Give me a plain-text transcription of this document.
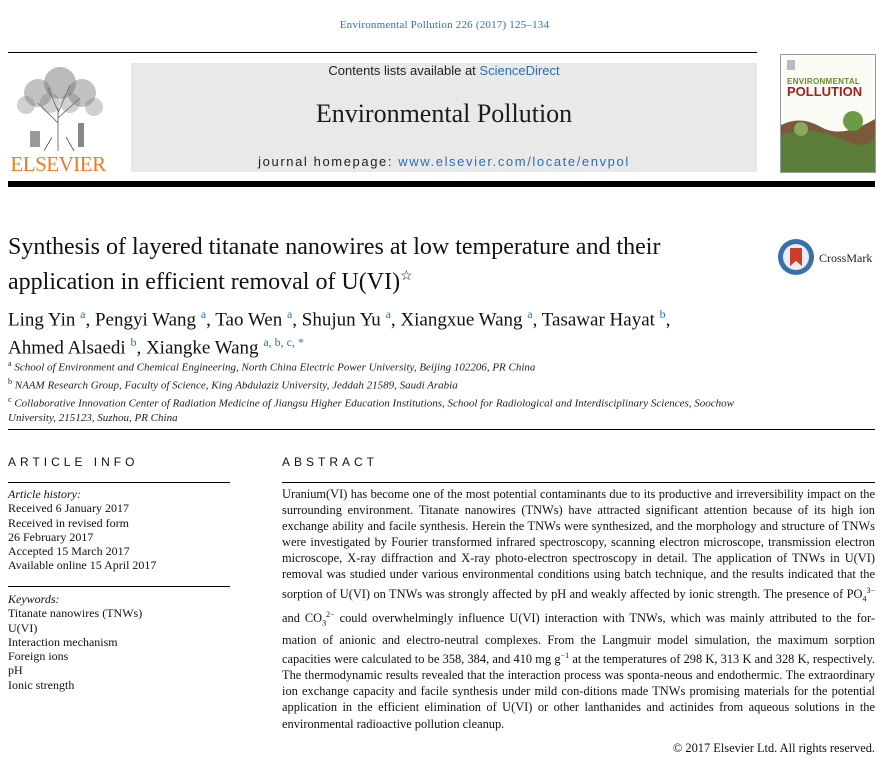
Environmental Pollution 226 (2017) 125–134
ELSEVIER
Contents lists available at ScienceDirect
Environmental Pollution
journal homepage: www.elsevier.com/locate/envpol
ENVIRONMENTAL
POLLUTION
Synthesis of layered titanate nanowires at low temperature and their application in efficient removal of U(VI)☆
CrossMark
Ling Yin $^a$, Pengyi Wang $^a$, Tao Wen $^a$, Shujun Yu $^a$, Xiangxue Wang $^a$, Tasawar Hayat $^b$,
Ahmed Alsaedi $^b$, Xiangke Wang $^{a, b, c, *}$
$^a$ School of Environment and Chemical Engineering, North China Electric Power University, Beijing 102206, PR China
$^b$ NAAM Research Group, Faculty of Science, King Abdulaziz University, Jeddah 21589, Saudi Arabia
$^c$ Collaborative Innovation Center of Radiation Medicine of Jiangsu Higher Education Institutions, School for Radiological and Interdisciplinary Sciences, Soochow University, 215123, Suzhou, PR China
ARTICLE INFO	ABSTRACT
Article history:
Received 6 January 2017
Received in revised form
26 February 2017
Accepted 15 March 2017
Available online 15 April 2017
Keywords:
Titanate nanowires (TNWs)
U(VI)
Interaction mechanism
Foreign ions
pH
Ionic strength
Uranium(VI) has become one of the most potential contaminants due to its productive and irreversibility impact on the surrounding environment. Titanate nanowires (TNWs) have attracted significant attention because of its high ion exchange ability and facile synthesis. Herein the TNWs were synthesized, and the morphology and structure of TNWs were investigated by Fourier transformed infrared spectroscopy, scanning electron microscope, transmission electron microscope, X-ray diffraction and X-ray photo-electron spectroscopy in detail. The application of TNWs in U(VI) removal was studied under various environmental conditions using batch technique, and the results indicated that the sorption of U(VI) on TNWs was strongly affected by pH and weakly affected by ionic strength. The presence of $PO_4^{3-}$ and $CO_3^{2-}$ could overwhelmingly influence U(VI) interaction with TNWs, which was mainly attributed to the for-mation of anionic and electro-neutral complexes. From the Langmuir model simulation, the maximum sorption capacities were calculated to be 358, 384, and 410 mg $g^{-1}$ at the temperatures of 298 K, 313 K and 328 K, respectively. The thermodynamic results revealed that the interaction process was sponta-neous and endothermic. The extraordinary ion exchange capacity and facile synthesis under mild con-ditions made TNWs promising materials for the potential application in the efficient elimination of U(VI) or other lanthanides and actinides from aqueous solutions in the environmental radioactive pollution cleanup.
© 2017 Elsevier Ltd. All rights reserved.
